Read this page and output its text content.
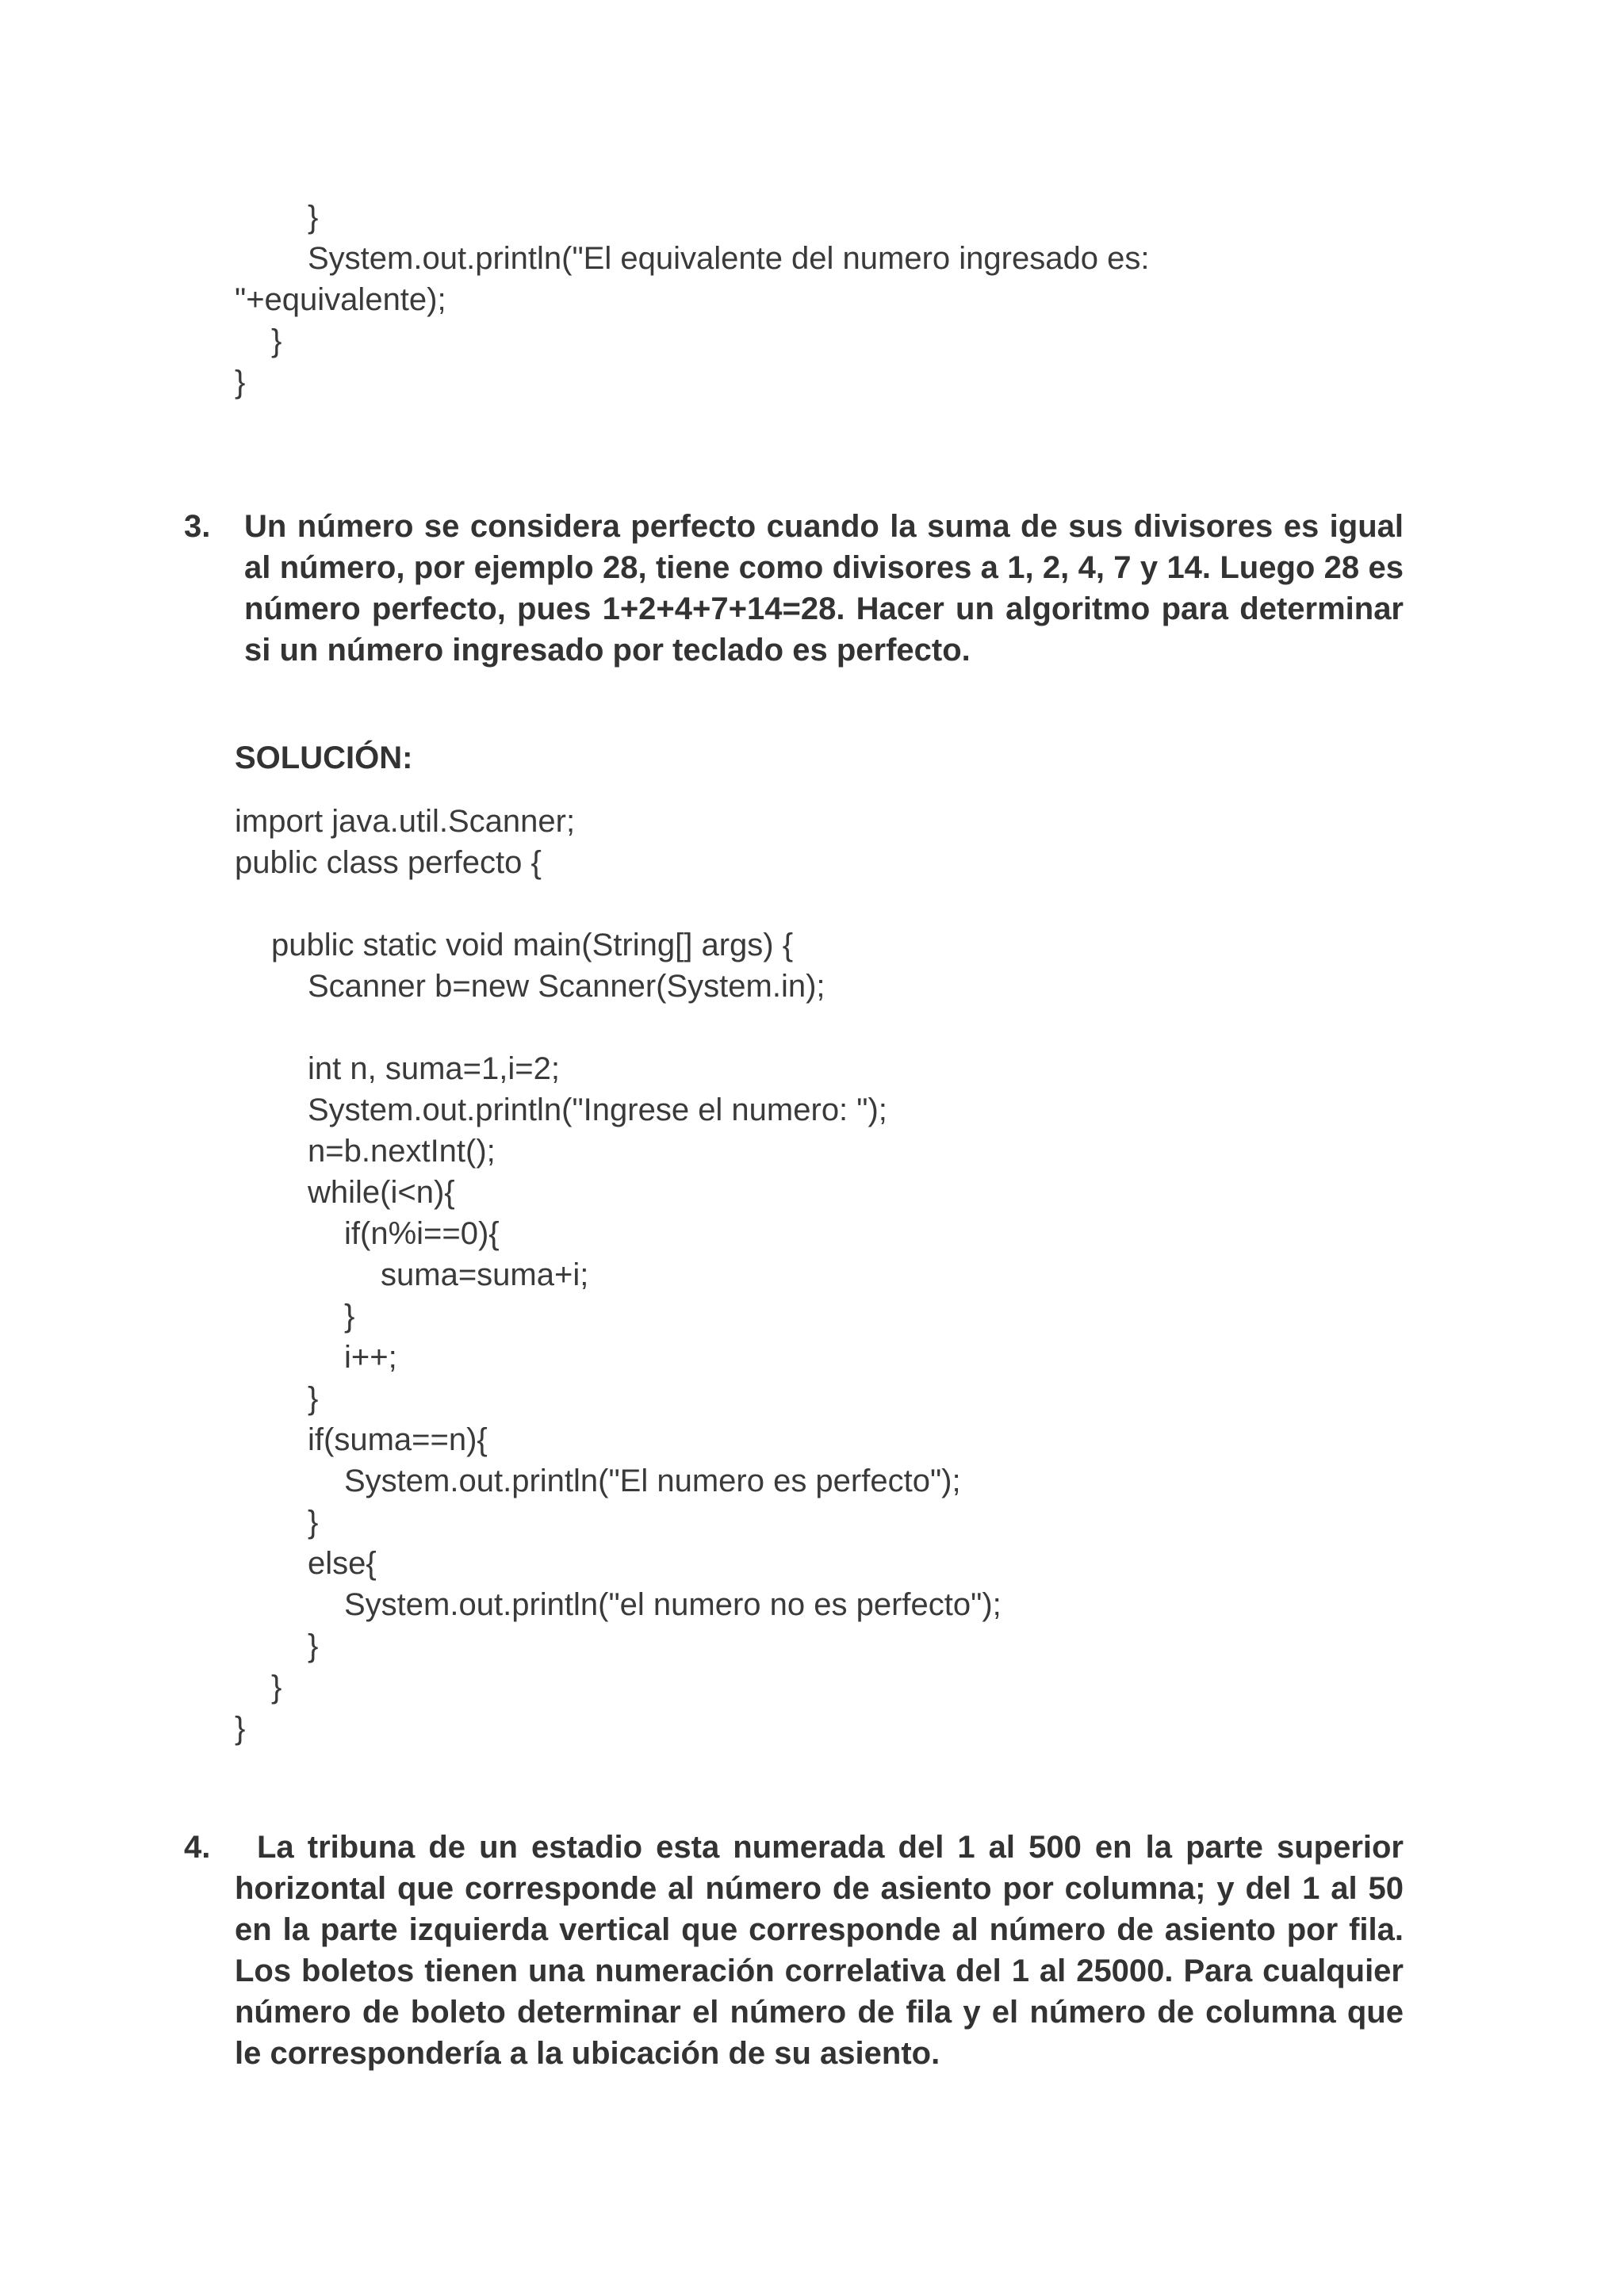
}
System.out.println("El equivalente del numero ingresado es:
"+equivalente);
}
}
3. Un número se considera perfecto cuando la suma de sus divisores es igual al número, por ejemplo 28, tiene como divisores a 1, 2, 4, 7 y 14. Luego 28 es número perfecto, pues 1+2+4+7+14=28. Hacer un algoritmo para determinar si un número ingresado por teclado es perfecto.
SOLUCIÓN:
import java.util.Scanner;
public class perfecto {
public static void main(String[] args) {
Scanner b=new Scanner(System.in);
int n, suma=1,i=2;
System.out.println("Ingrese el numero: ");
n=b.nextInt();
while(i<n){
if(n%i==0){
suma=suma+i;
}
i++;
}
if(suma==n){
System.out.println("El numero es perfecto");
}
else{
System.out.println("el numero no es perfecto");
}
}
}
4.	La tribuna de un estadio esta numerada del 1 al 500 en la parte superior horizontal que corresponde al número de asiento por columna; y del 1 al 50 en la parte izquierda vertical que corresponde al número de asiento por fila. Los boletos tienen una numeración correlativa del 1 al 25000. Para cualquier número de boleto determinar el número de fila y el número de columna que le correspondería a la ubicación de su asiento.
